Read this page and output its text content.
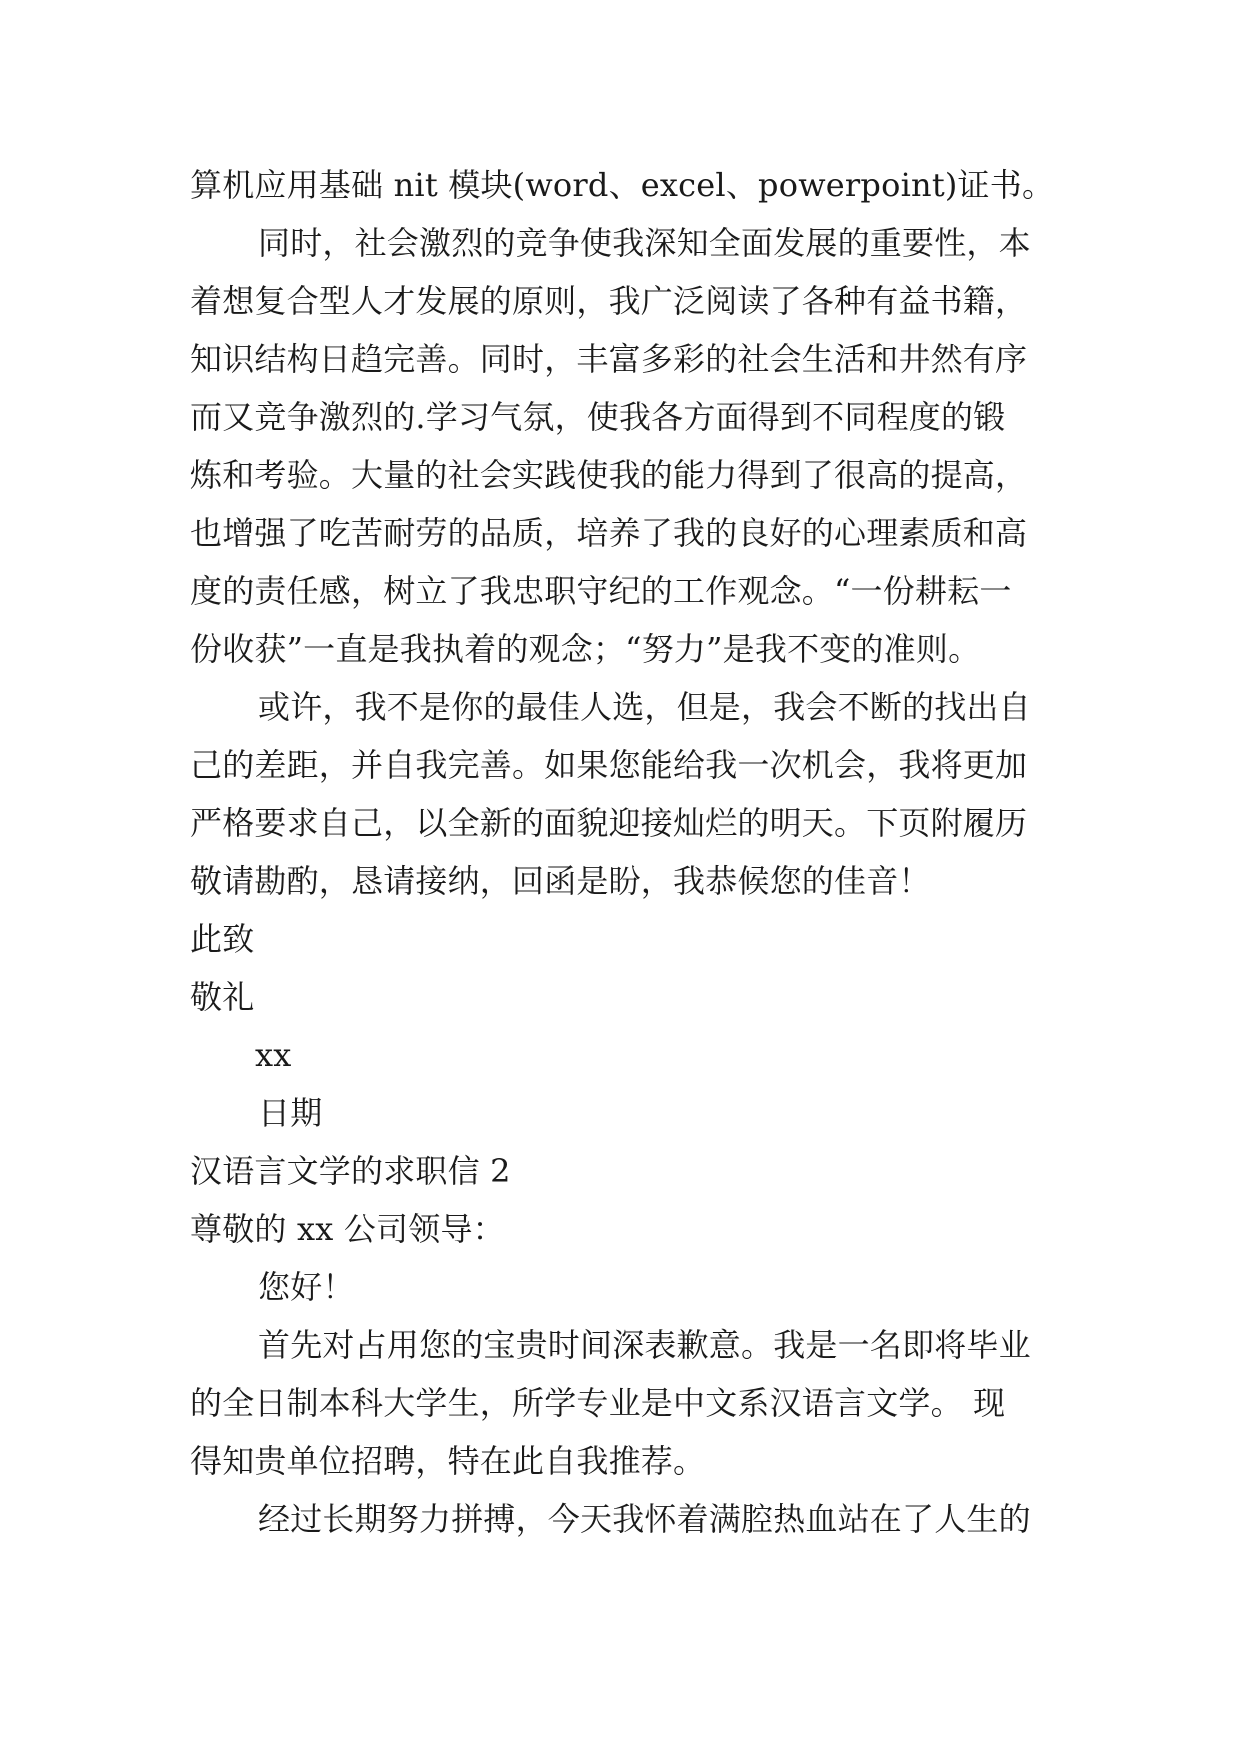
算机应用基础 nit 模块(word、excel、powerpoint)证书。
同时，社会激烈的竞争使我深知全面发展的重要性，本
着想复合型人才发展的原则，我广泛阅读了各种有益书籍，
知识结构日趋完善。同时，丰富多彩的社会生活和井然有序
而又竞争激烈的.学习气氛，使我各方面得到不同程度的锻
炼和考验。大量的社会实践使我的能力得到了很高的提高，
也增强了吃苦耐劳的品质，培养了我的良好的心理素质和高
度的责任感，树立了我忠职守纪的工作观念。“一份耕耘一
份收获”一直是我执着的观念；“努力”是我不变的准则。
或许，我不是你的最佳人选，但是，我会不断的找出自
己的差距，并自我完善。如果您能给我一次机会，我将更加
严格要求自己，以全新的面貌迎接灿烂的明天。下页附履历
敬请勘酌，恳请接纳，回函是盼，我恭候您的佳音！
此致
敬礼
xx
日期
汉语言文学的求职信 2
尊敬的 xx 公司领导：
您好！
首先对占用您的宝贵时间深表歉意。我是一名即将毕业
的全日制本科大学生，所学专业是中文系汉语言文学。 现
得知贵单位招聘，特在此自我推荐。
经过长期努力拼搏，今天我怀着满腔热血站在了人生的
